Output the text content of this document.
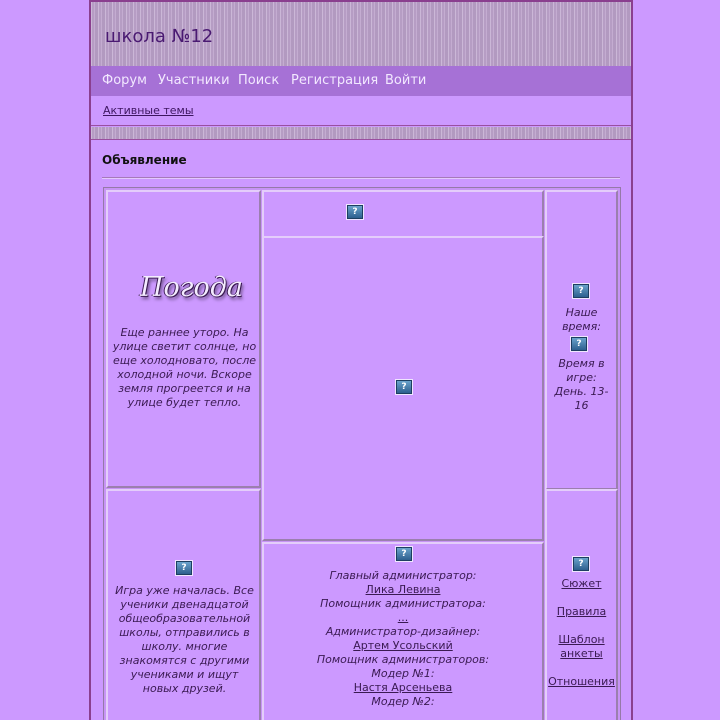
школа №12
Форум Участники Поиск Регистрация Войти
Активные темы
Объявление
Погода
Еще раннее уторо. На улице светит солнце, но еще холодновато, после холодной ночи. Вскоре земля прогреется и на улице будет тепло.
?
?
?
Наше время:
?
Время в игре:
День. 13-16
?
Игра уже началась. Все ученики двенадцатой общеобразовательной школы, отправились в школу. многие знакомятся с другими учениками и ищут новых друзей.
?
Главный администратор:
Лика Левина
Помощник администратора:
...
Администратор-дизайнер:
Артем Усольский
Помощник администраторов:
Модер №1:
Настя Арсеньева
Модер №2:
?
Сюжет
Правила
Шаблон
анкеты
Отношения
